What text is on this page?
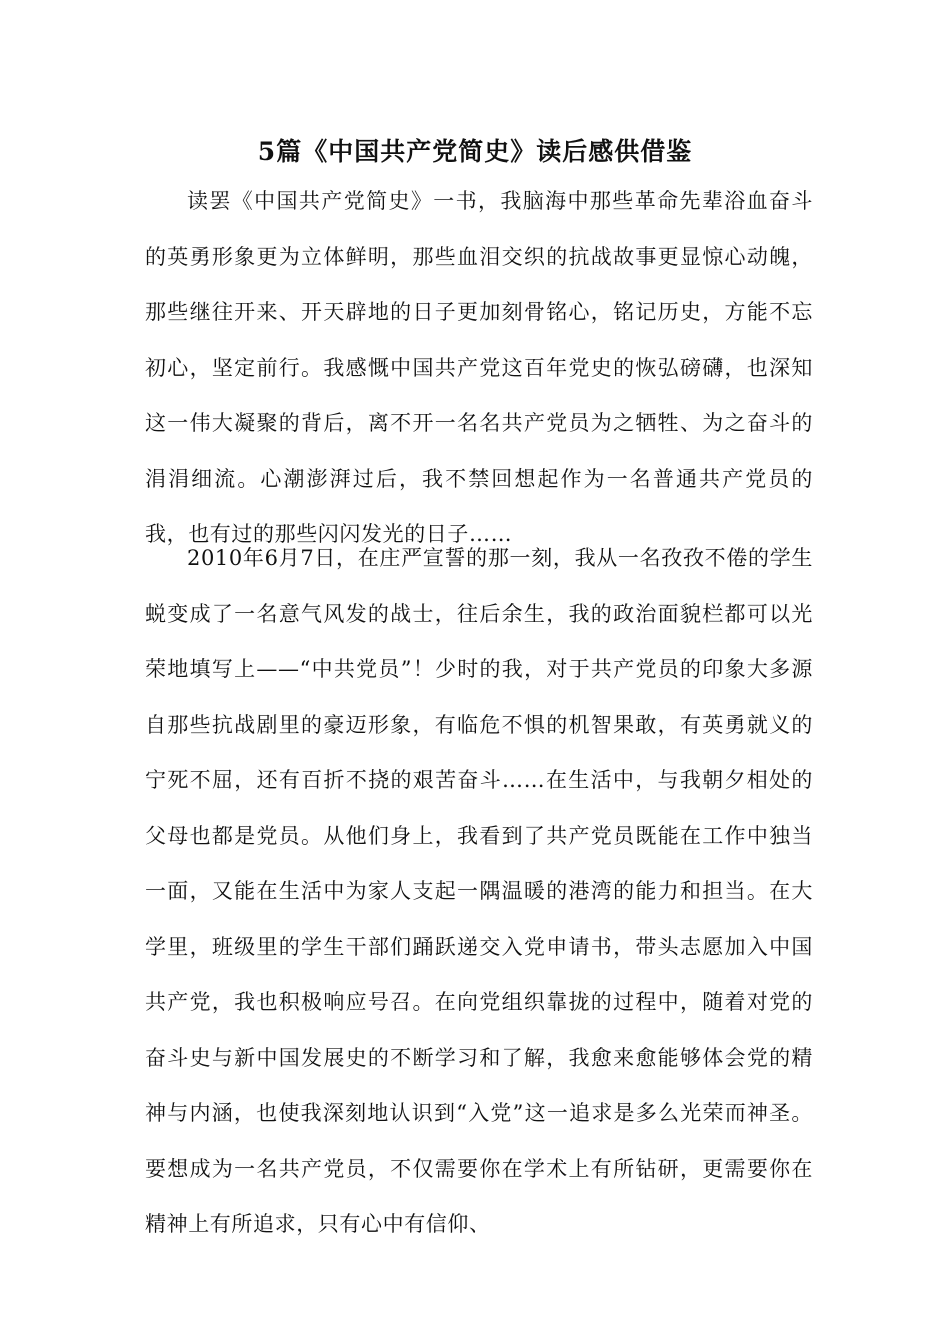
5篇《中国共产党简史》读后感供借鉴

读罢《中国共产党简史》一书，我脑海中那些革命先辈浴血奋斗的英勇形象更为立体鲜明，那些血泪交织的抗战故事更显惊心动魄，那些继往开来、开天辟地的日子更加刻骨铭心，铭记历史，方能不忘初心，坚定前行。我感慨中国共产党这百年党史的恢弘磅礴，也深知这一伟大凝聚的背后，离不开一名名共产党员为之牺牲、为之奋斗的涓涓细流。心潮澎湃过后，我不禁回想起作为一名普通共产党员的我，也有过的那些闪闪发光的日子……

2010年6月7日，在庄严宣誓的那一刻，我从一名孜孜不倦的学生蜕变成了一名意气风发的战士，往后余生，我的政治面貌栏都可以光荣地填写上——“中共党员”！少时的我，对于共产党员的印象大多源自那些抗战剧里的豪迈形象，有临危不惧的机智果敢，有英勇就义的宁死不屈，还有百折不挠的艰苦奋斗……在生活中，与我朝夕相处的父母也都是党员。从他们身上，我看到了共产党员既能在工作中独当一面，又能在生活中为家人支起一隅温暖的港湾的能力和担当。在大学里，班级里的学生干部们踊跃递交入党申请书，带头志愿加入中国共产党，我也积极响应号召。在向党组织靠拢的过程中，随着对党的奋斗史与新中国发展史的不断学习和了解，我愈来愈能够体会党的精神与内涵，也使我深刻地认识到“入党”这一追求是多么光荣而神圣。要想成为一名共产党员，不仅需要你在学术上有所钻研，更需要你在精神上有所追求，只有心中有信仰、
